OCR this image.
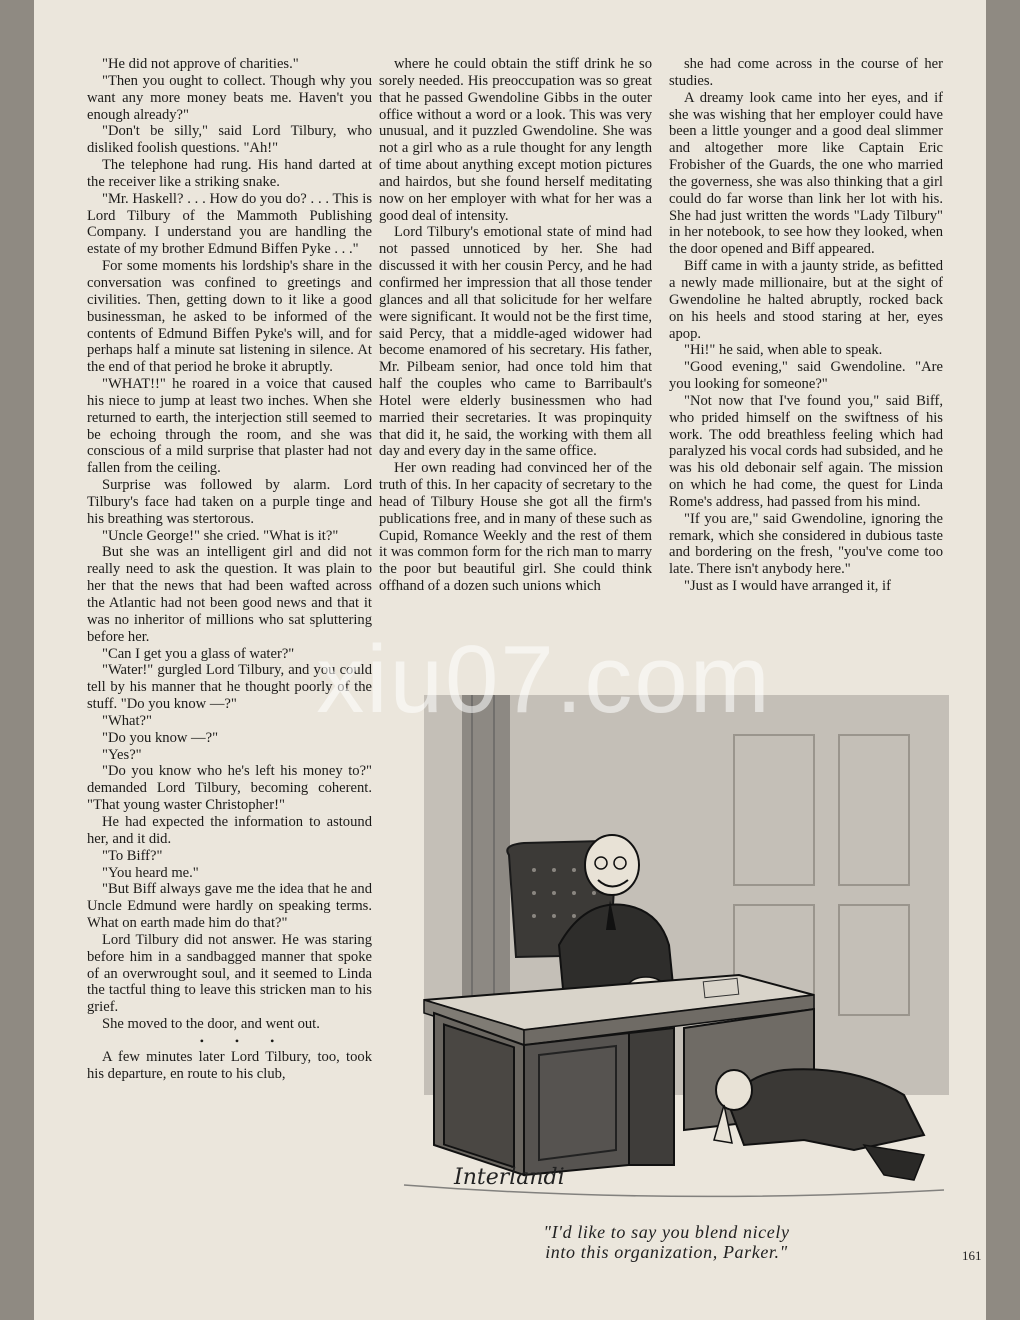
"He did not approve of charities."

"Then you ought to collect. Though why you want any more money beats me. Haven't you enough already?"

"Don't be silly," said Lord Tilbury, who disliked foolish questions. "Ah!"

The telephone had rung. His hand darted at the receiver like a striking snake.

"Mr. Haskell? . . . How do you do? . . . This is Lord Tilbury of the Mammoth Publishing Company. I understand you are handling the estate of my brother Edmund Biffen Pyke . . ."

For some moments his lordship's share in the conversation was confined to greetings and civilities. Then, getting down to it like a good businessman, he asked to be informed of the contents of Edmund Biffen Pyke's will, and for perhaps half a minute sat listening in silence. At the end of that period he broke it abruptly.

"WHAT!!" he roared in a voice that caused his niece to jump at least two inches. When she returned to earth, the interjection still seemed to be echoing through the room, and she was conscious of a mild surprise that plaster had not fallen from the ceiling.

Surprise was followed by alarm. Lord Tilbury's face had taken on a purple tinge and his breathing was stertorous.

"Uncle George!" she cried. "What is it?"

But she was an intelligent girl and did not really need to ask the question. It was plain to her that the news that had been wafted across the Atlantic had not been good news and that it was no inheritor of millions who sat spluttering before her.

"Can I get you a glass of water?"

"Water!" gurgled Lord Tilbury, and you could tell by his manner that he thought poorly of the stuff. "Do you know —?"

"What?"

"Do you know —?"

"Yes?"

"Do you know who he's left his money to?" demanded Lord Tilbury, becoming coherent. "That young waster Christopher!"

He had expected the information to astound her, and it did.

"To Biff?"

"You heard me."

"But Biff always gave me the idea that he and Uncle Edmund were hardly on speaking terms. What on earth made him do that?"

Lord Tilbury did not answer. He was staring before him in a sandbagged manner that spoke of an overwrought soul, and it seemed to Linda the tactful thing to leave this stricken man to his grief.

She moved to the door, and went out.

• • •

A few minutes later Lord Tilbury, too, took his departure, en route to his club,

where he could obtain the stiff drink he so sorely needed. His preoccupation was so great that he passed Gwendoline Gibbs in the outer office without a word or a look. This was very unusual, and it puzzled Gwendoline. She was not a girl who as a rule thought for any length of time about anything except motion pictures and hairdos, but she found herself meditating now on her employer with what for her was a good deal of intensity.

Lord Tilbury's emotional state of mind had not passed unnoticed by her. She had discussed it with her cousin Percy, and he had confirmed her impression that all those tender glances and all that solicitude for her welfare were significant. It would not be the first time, said Percy, that a middle-aged widower had become enamored of his secretary. His father, Mr. Pilbeam senior, had once told him that half the couples who came to Barribault's Hotel were elderly businessmen who had married their secretaries. It was propinquity that did it, he said, the working with them all day and every day in the same office.

Her own reading had convinced her of the truth of this. In her capacity of secretary to the head of Tilbury House she got all the firm's publications free, and in many of these such as Cupid, Romance Weekly and the rest of them it was common form for the rich man to marry the poor but beautiful girl. She could think offhand of a dozen such unions which

she had come across in the course of her studies.

A dreamy look came into her eyes, and if she was wishing that her employer could have been a little younger and a good deal slimmer and altogether more like Captain Eric Frobisher of the Guards, the one who married the governess, she was also thinking that a girl could do far worse than link her lot with his. She had just written the words "Lady Tilbury" in her notebook, to see how they looked, when the door opened and Biff appeared.

Biff came in with a jaunty stride, as befitted a newly made millionaire, but at the sight of Gwendoline he halted abruptly, rocked back on his heels and stood staring at her, eyes apop.

"Hi!" he said, when able to speak.

"Good evening," said Gwendoline. "Are you looking for someone?"

"Not now that I've found you," said Biff, who prided himself on the swiftness of his work. The odd breathless feeling which had paralyzed his vocal cords had subsided, and he was his old debonair self again. The mission on which he had come, the quest for Linda Rome's address, had passed from his mind.

"If you are," said Gwendoline, ignoring the remark, which she considered in dubious taste and bordering on the fresh, "you've come too late. There isn't anybody here."

"Just as I would have arranged it, if

Interlandi
xiu07.com
"I'd like to say you blend nicely
into this organization, Parker."	161
